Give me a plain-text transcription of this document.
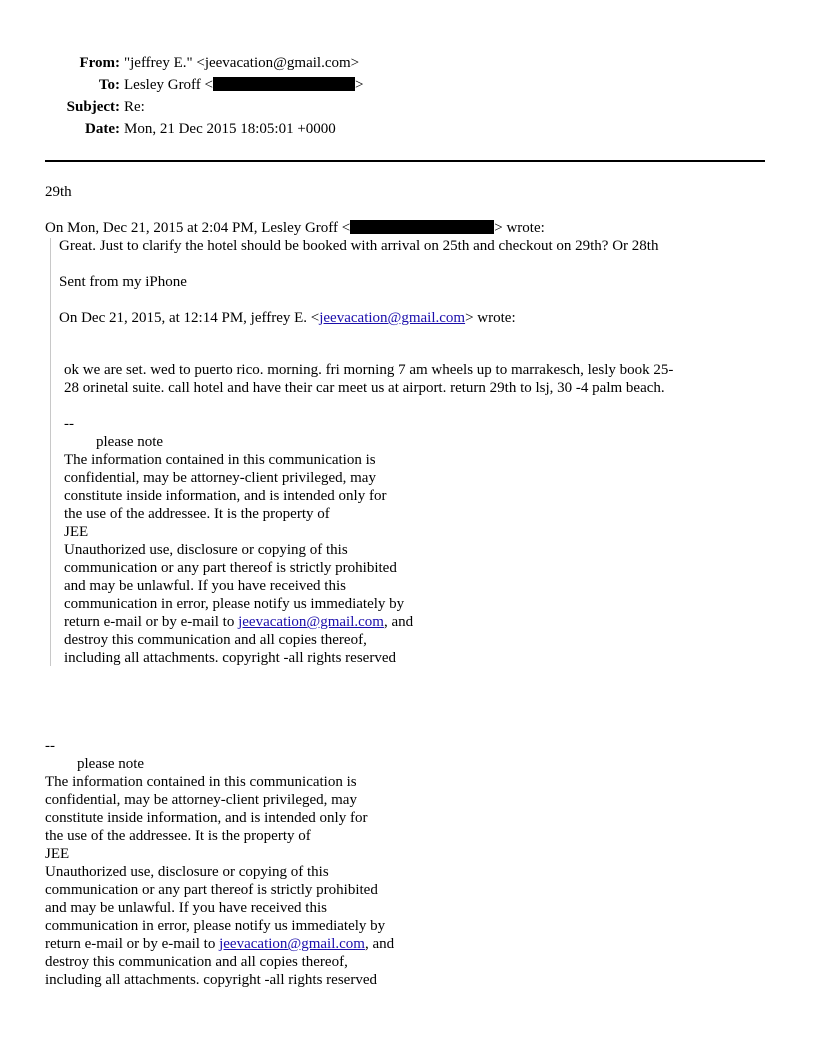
From: "jeffrey E." <jeevacation@gmail.com>
To: Lesley Groff <	>
Subject: Re:
Date: Mon, 21 Dec 2015 18:05:01 +0000
29th
On Mon, Dec 21, 2015 at 2:04 PM, Lesley Groff <	> wrote:
Great. Just to clarify the hotel should be booked with arrival on 25th and checkout on 29th? Or 28th
Sent from my iPhone
On Dec 21, 2015, at 12:14 PM, jeffrey E. <jeevacation@gmail.com> wrote:
ok we are set. wed to puerto rico. morning. fri morning 7 am wheels up to marrakesch, lesly book 25-
28 orinetal suite. call hotel and have their car meet us at airport. return 29th to lsj, 30 -4 palm beach.
--
please note
The information contained in this communication is
confidential, may be attorney-client privileged, may
constitute inside information, and is intended only for
the use of the addressee. It is the property of
JEE
Unauthorized use, disclosure or copying of this
communication or any part thereof is strictly prohibited
and may be unlawful. If you have received this
communication in error, please notify us immediately by
return e-mail or by e-mail to jeevacation@gmail.com, and
destroy this communication and all copies thereof,
including all attachments. copyright -all rights reserved
--
please note
The information contained in this communication is
confidential, may be attorney-client privileged, may
constitute inside information, and is intended only for
the use of the addressee. It is the property of
JEE
Unauthorized use, disclosure or copying of this
communication or any part thereof is strictly prohibited
and may be unlawful. If you have received this
communication in error, please notify us immediately by
return e-mail or by e-mail to jeevacation@gmail.com, and
destroy this communication and all copies thereof,
including all attachments. copyright -all rights reserved
